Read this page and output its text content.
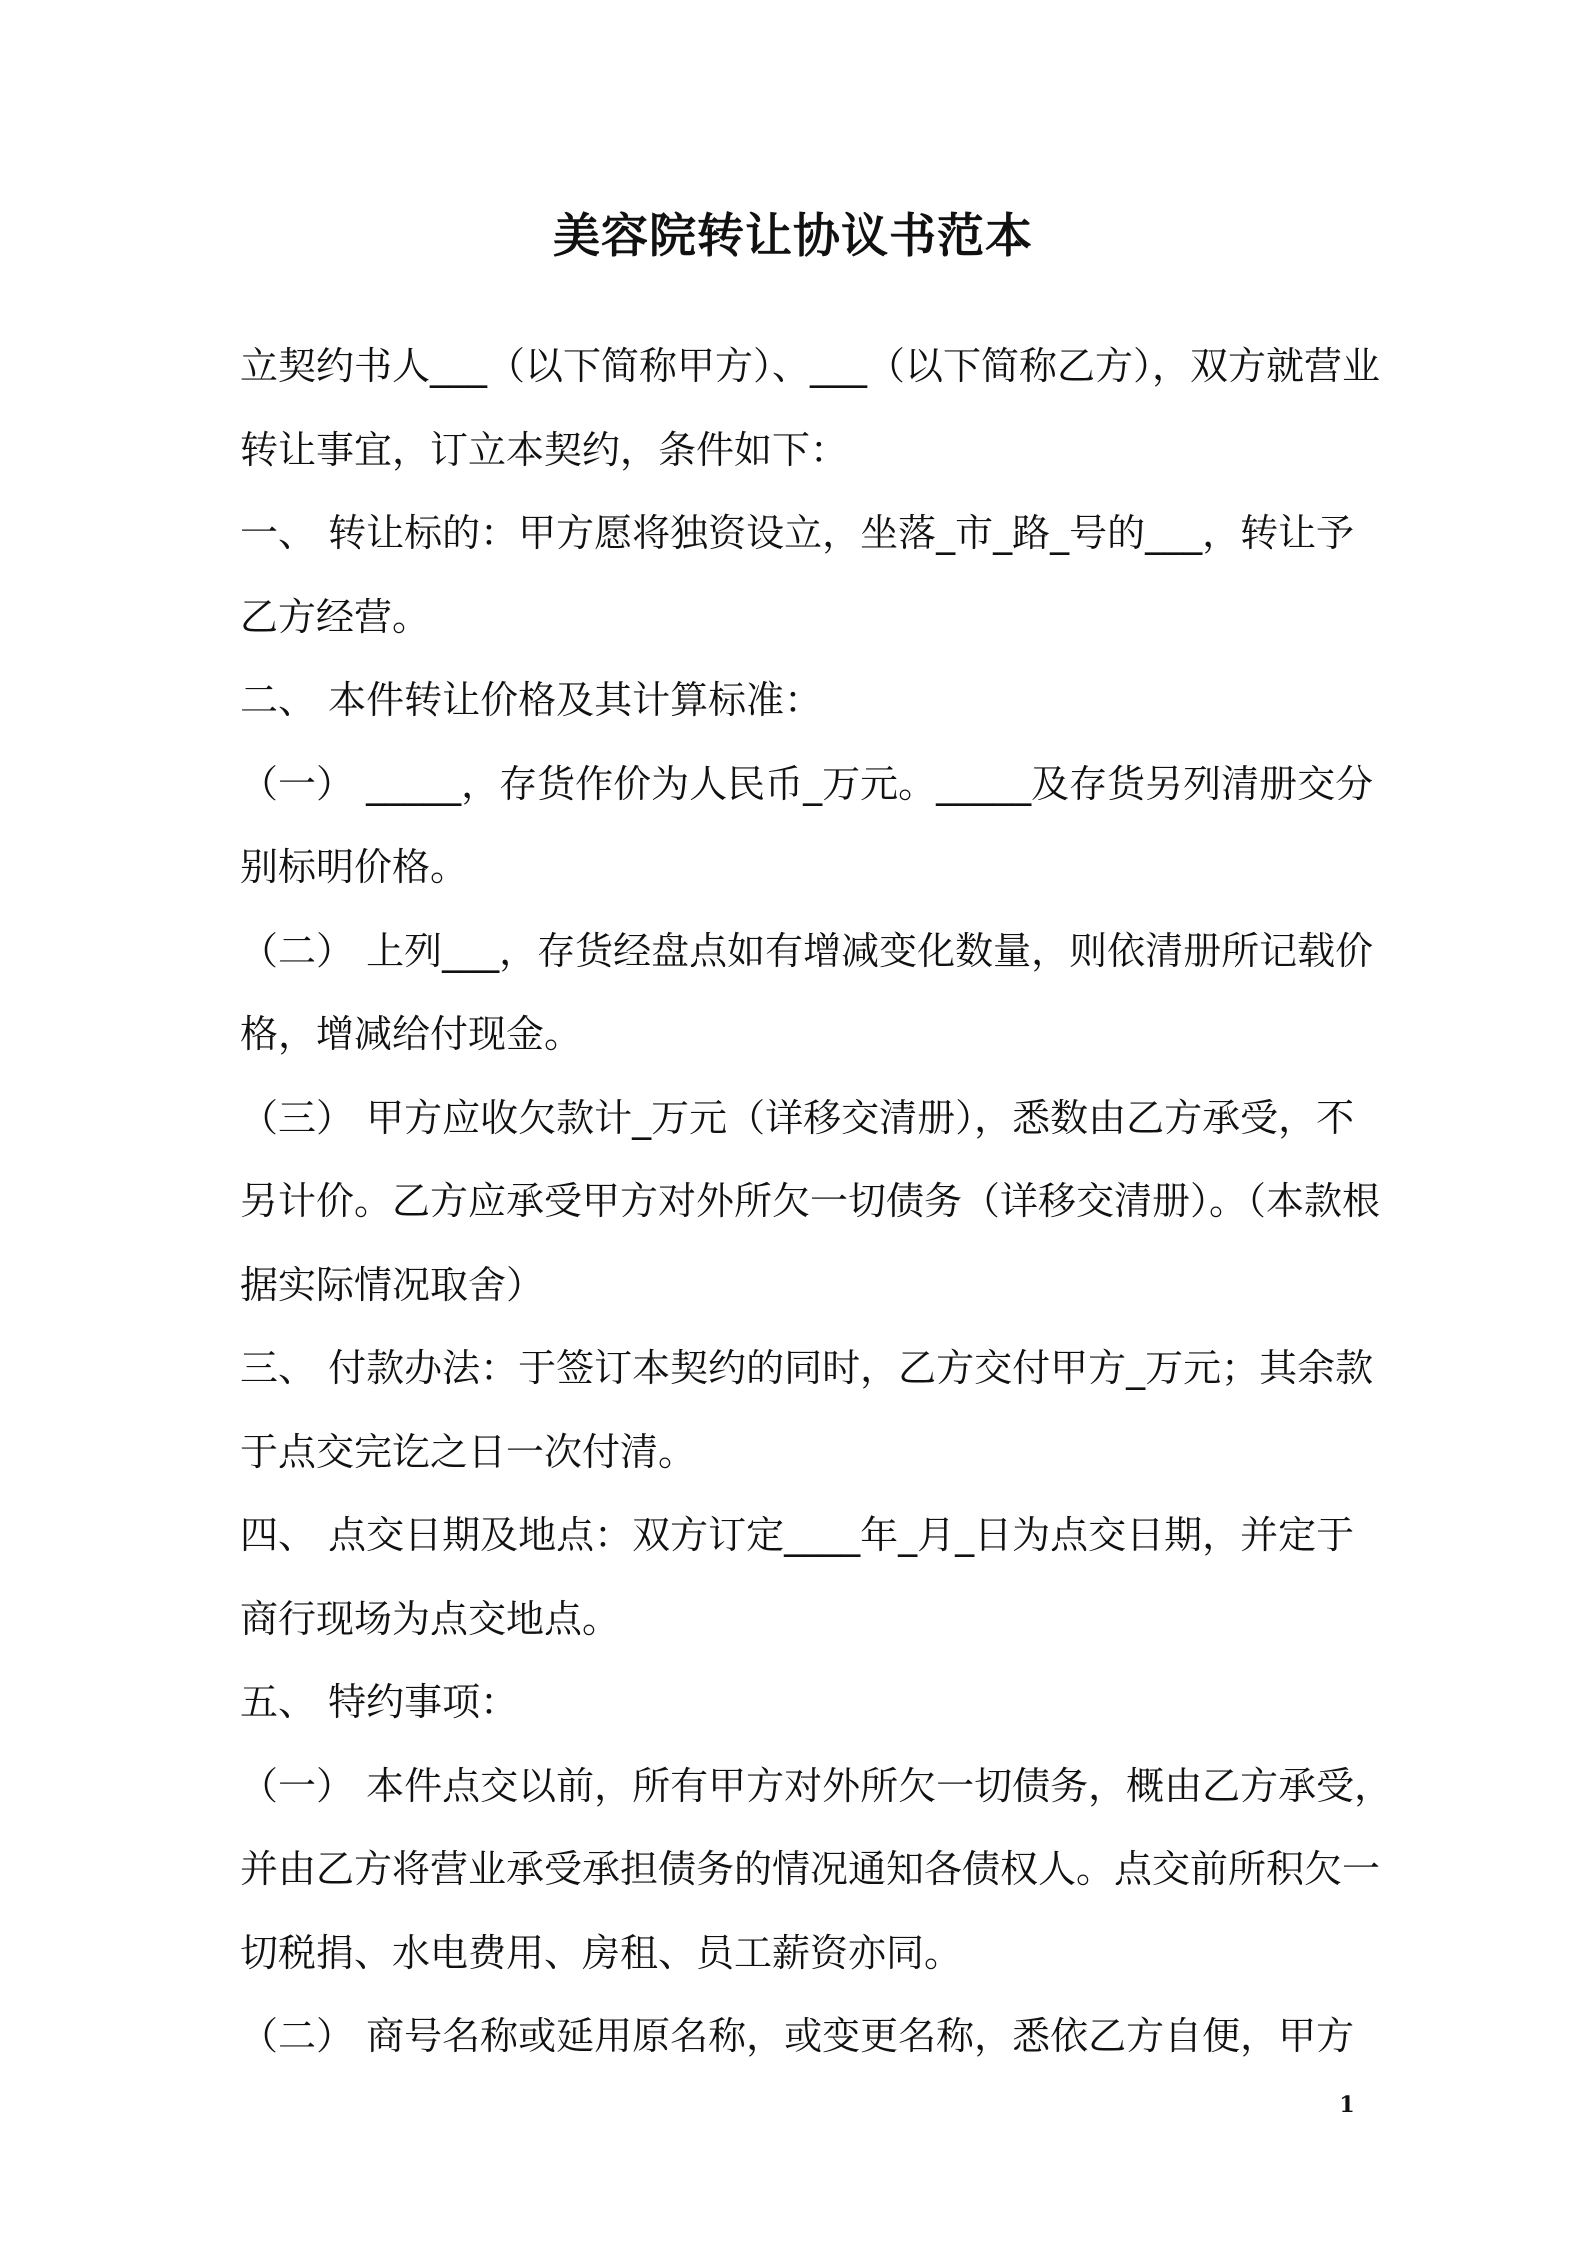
美容院转让协议书范本
立契约书人___（以下简称甲方）、___（以下简称乙方），双方就营业
转让事宜，订立本契约，条件如下：
一、 转让标的：甲方愿将独资设立，坐落_市_路_号的___，转让予
乙方经营。
二、 本件转让价格及其计算标准：
（一） _____，存货作价为人民币_万元。_____及存货另列清册交分
别标明价格。
（二） 上列___，存货经盘点如有增减变化数量，则依清册所记载价
格，增减给付现金。
（三） 甲方应收欠款计_万元（详移交清册），悉数由乙方承受，不
另计价。乙方应承受甲方对外所欠一切债务（详移交清册）。（本款根
据实际情况取舍）
三、 付款办法：于签订本契约的同时，乙方交付甲方_万元；其余款
于点交完讫之日一次付清。
四、 点交日期及地点：双方订定____年_月_日为点交日期，并定于
商行现场为点交地点。
五、 特约事项：
（一） 本件点交以前，所有甲方对外所欠一切债务，概由乙方承受，
并由乙方将营业承受承担债务的情况通知各债权人。点交前所积欠一
切税捐、水电费用、房租、员工薪资亦同。
（二） 商号名称或延用原名称，或变更名称，悉依乙方自便，甲方
1
